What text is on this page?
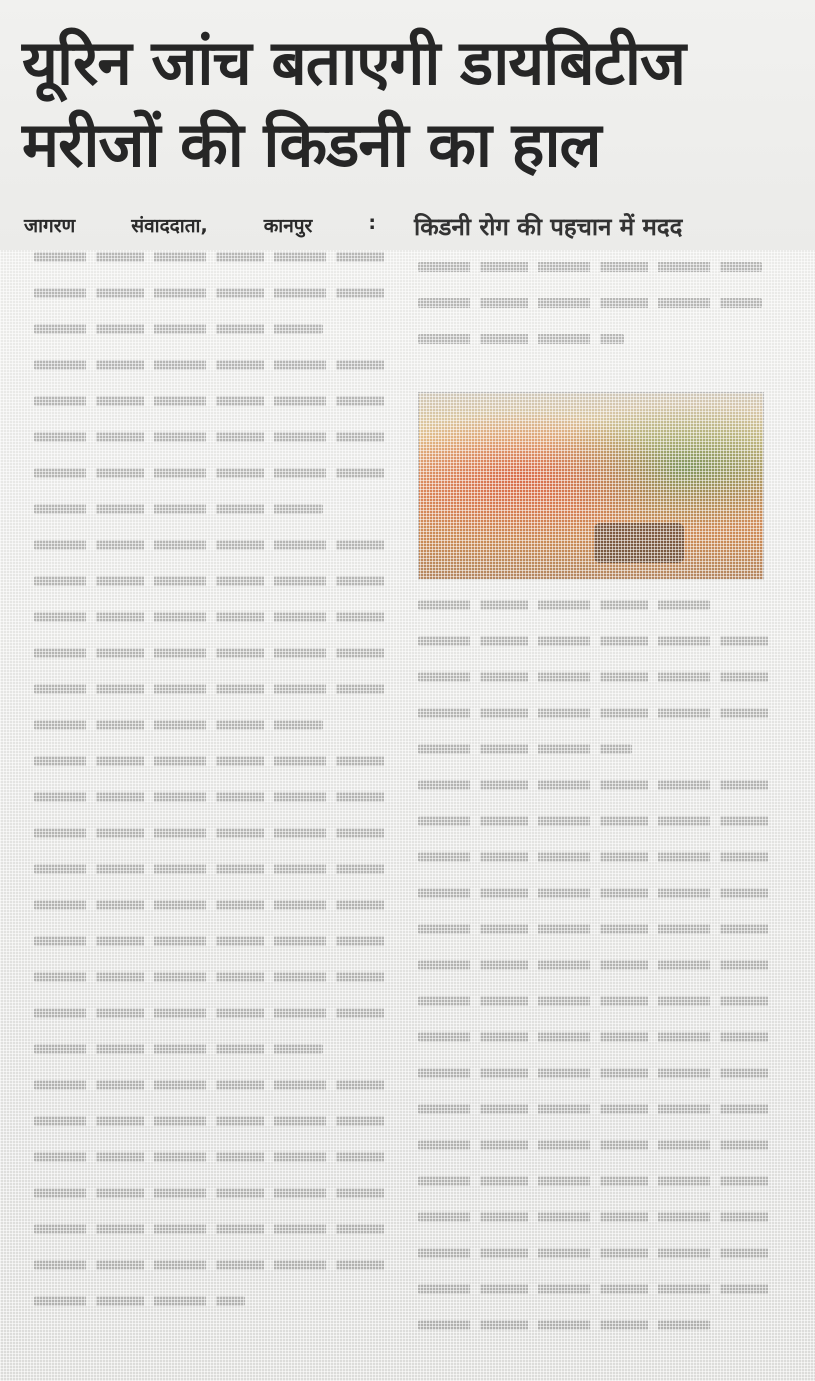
यूरिन जांच बताएगी डायबिटीज
मरीजों की किडनी का हाल
जागरण	संवाददाता,	कानपुर	: किडनी रोग की पहचान में मदद
